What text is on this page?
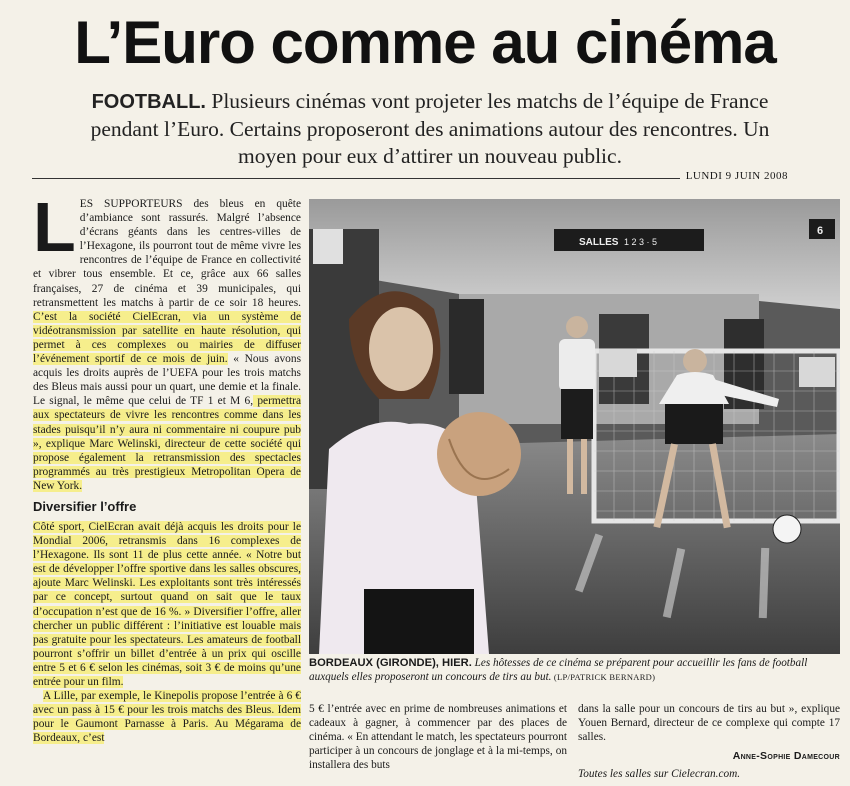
L’Euro comme au cinéma
FOOTBALL. Plusieurs cinémas vont projeter les matchs de l’équipe de France pendant l’Euro. Certains proposeront des animations autour des rencontres. Un moyen pour eux d’attirer un nouveau public.
LUNDI 9 JUIN 2008
L ES SUPPORTEURS des bleus en quête d’ambiance sont rassurés. Malgré l’absence d’écrans géants dans les centres-villes de l’Hexagone, ils pourront tout de même vivre les rencontres de l’équipe de France en collectivité et vibrer tous ensemble. Et ce, grâce aux 66 salles françaises, 27 de cinéma et 39 municipales, qui retransmettent les matchs à partir de ce soir 18 heures. C’est la société CielEcran, via un système de vidéotransmission par satellite en haute résolution, qui permet à ces complexes ou mairies de diffuser l’événement sportif de ce mois de juin. « Nous avons acquis les droits auprès de l’UEFA pour les trois matchs des Bleus mais aussi pour un quart, une demie et la finale. Le signal, le même que celui de TF 1 et M 6, permettra aux spectateurs de vivre les rencontres comme dans les stades puisqu’il n’y aura ni commentaire ni coupure pub », explique Marc Welinski, directeur de cette société qui propose également la retransmission des spectacles programmés au très prestigieux Metropolitan Opera de New York.
Diversifier l’offre
Côté sport, CielEcran avait déjà acquis les droits pour le Mondial 2006, retransmis dans 16 complexes de l’Hexagone. Ils sont 11 de plus cette année. « Notre but est de développer l’offre sportive dans les salles obscures, ajoute Marc Welinski. Les exploitants sont très intéressés par ce concept, surtout quand on sait que le taux d’occupation n’est que de 16 %. » Diversifier l’offre, aller chercher un public différent : l’initiative est louable mais pas gratuite pour les spectateurs. Les amateurs de football pourront s’offrir un billet d’entrée à un prix qui oscille entre 5 et 6 € selon les cinémas, soit 3 € de moins qu’une entrée pour un film.
A Lille, par exemple, le Kinepolis propose l’entrée à 6 € avec un pass à 15 € pour les trois matchs des Bleus. Idem pour le Gaumont Parnasse à Paris. Au Mégarama de Bordeaux, c’est
SALLES 1 2 3 · 5
6
BORDEAUX (GIRONDE), HIER. Les hôtesses de ce cinéma se préparent pour accueillir les fans de football auxquels elles proposeront un concours de tirs au but. (LP/PATRICK BERNARD)
5 € l’entrée avec en prime de nombreuses animations et cadeaux à gagner, à commencer par des places de cinéma. « En attendant le match, les spectateurs pourront participer à un concours de jonglage et à la mi-temps, on installera des buts
dans la salle pour un concours de tirs au but », explique Youen Bernard, directeur de ce complexe qui compte 17 salles.
Anne-Sophie Damecour
Toutes les salles sur Cielecran.com.
